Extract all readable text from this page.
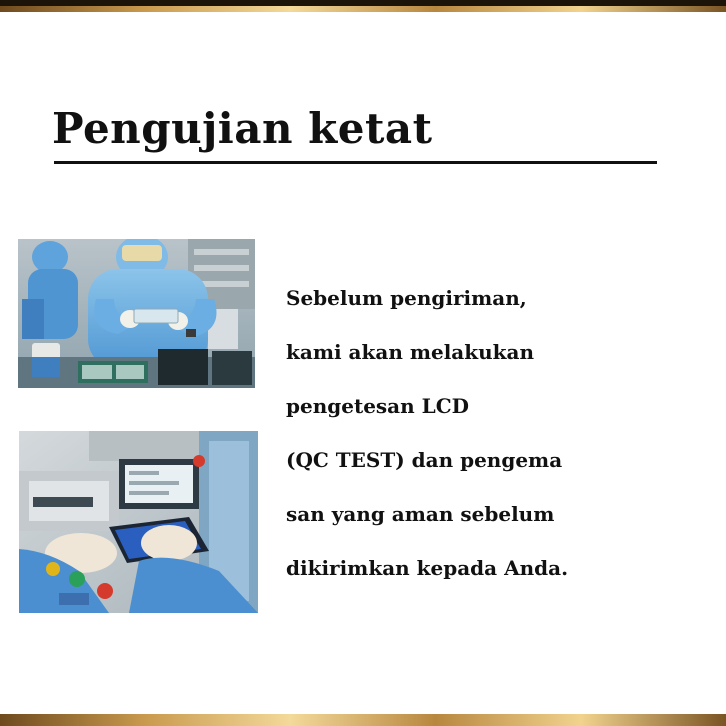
Pengujian ketat
Sebelum pengiriman,
kami akan melakukan
pengetesan LCD
(QC TEST) dan pengema
san yang aman sebelum
dikirimkan kepada Anda.
